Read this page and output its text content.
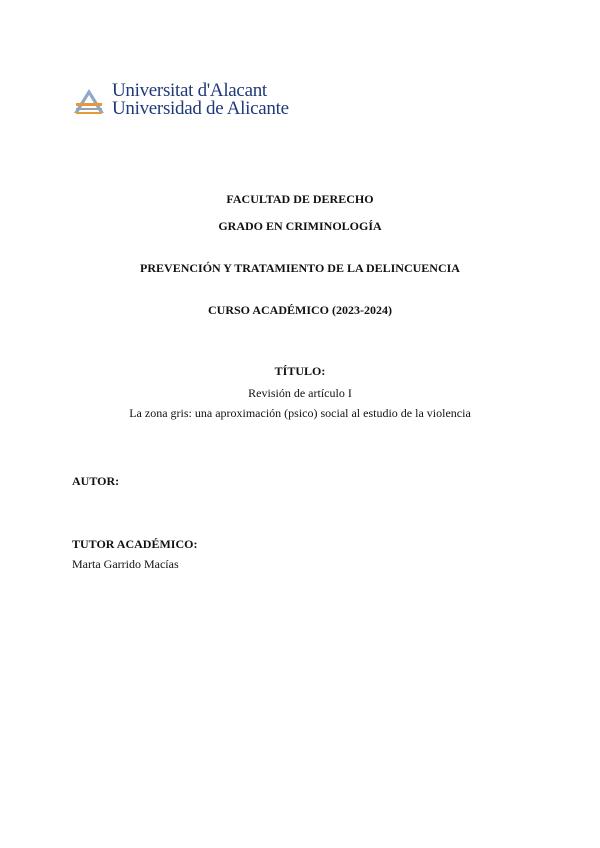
Universitat d'Alacant
Universidad de Alicante
FACULTAD DE DERECHO
GRADO EN CRIMINOLOGÍA
PREVENCIÓN Y TRATAMIENTO DE LA DELINCUENCIA
CURSO ACADÉMICO (2023-2024)
TÍTULO:
Revisión de artículo I
La zona gris: una aproximación (psico) social al estudio de la violencia
AUTOR:
TUTOR ACADÉMICO:
Marta Garrido Macías
